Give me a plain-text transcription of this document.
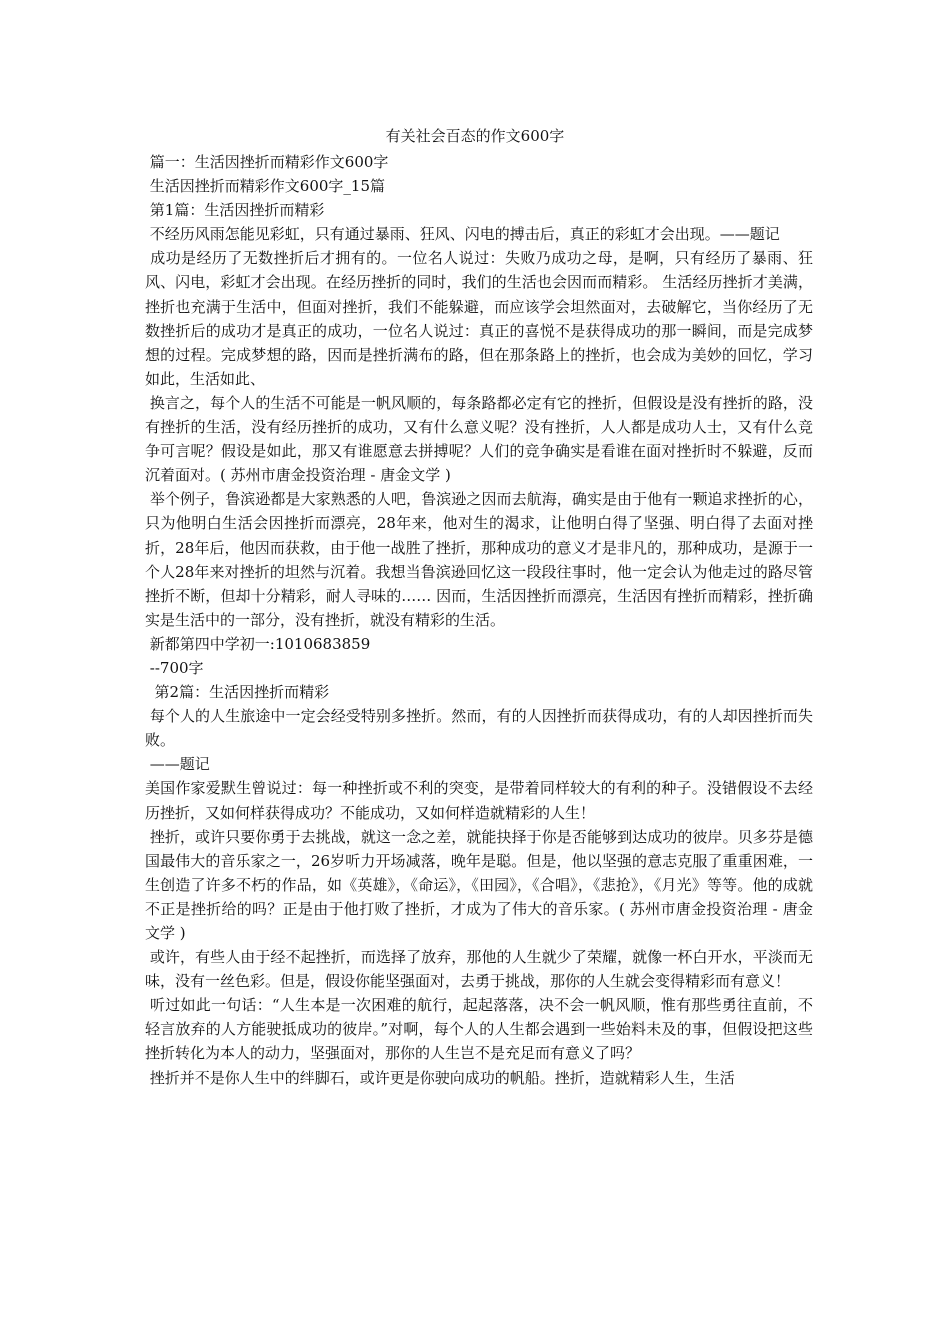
有关社会百态的作文600字

篇一：生活因挫折而精彩作文600字

生活因挫折而精彩作文600字_15篇

第1篇：生活因挫折而精彩

不经历风雨怎能见彩虹，只有通过暴雨、狂风、闪电的搏击后，真正的彩虹才会出现。——题记

成功是经历了无数挫折后才拥有的。一位名人说过：失败乃成功之母，是啊，只有经历了暴雨、狂风、闪电，彩虹才会出现。在经历挫折的同时，我们的生活也会因而而精彩。 生活经历挫折才美满，挫折也充满于生活中，但面对挫折，我们不能躲避，而应该学会坦然面对，去破解它，当你经历了无数挫折后的成功才是真正的成功，一位名人说过：真正的喜悦不是获得成功的那一瞬间，而是完成梦想的过程。完成梦想的路，因而是挫折满布的路，但在那条路上的挫折，也会成为美妙的回忆，学习如此，生活如此、

换言之，每个人的生活不可能是一帆风顺的，每条路都必定有它的挫折，但假设是没有挫折的路，没有挫折的生活，没有经历挫折的成功，又有什么意义呢？没有挫折，人人都是成功人士，又有什么竞争可言呢？假设是如此，那又有谁愿意去拼搏呢？人们的竞争确实是看谁在面对挫折时不躲避，反而沉着面对。( 苏州市唐金投资治理 - 唐金文学 )

举个例子，鲁滨逊都是大家熟悉的人吧，鲁滨逊之因而去航海，确实是由于他有一颗追求挫折的心，只为他明白生活会因挫折而漂亮，28年来，他对生的渴求，让他明白得了坚强、明白得了去面对挫折，28年后，他因而获救，由于他一战胜了挫折，那种成功的意义才是非凡的，那种成功，是源于一个人28年来对挫折的坦然与沉着。我想当鲁滨逊回忆这一段段往事时，他一定会认为他走过的路尽管挫折不断，但却十分精彩，耐人寻味的…… 因而，生活因挫折而漂亮，生活因有挫折而精彩，挫折确实是生活中的一部分，没有挫折，就没有精彩的生活。

新都第四中学初一:1010683859

--700字

第2篇：生活因挫折而精彩

每个人的人生旅途中一定会经受特别多挫折。然而，有的人因挫折而获得成功，有的人却因挫折而失败。

——题记

美国作家爱默生曾说过：每一种挫折或不利的突变，是带着同样较大的有利的种子。没错假设不去经历挫折，又如何样获得成功？不能成功，又如何样造就精彩的人生！

挫折，或许只要你勇于去挑战，就这一念之差，就能抉择于你是否能够到达成功的彼岸。贝多芬是德国最伟大的音乐家之一，26岁听力开场减落，晚年是聪。但是，他以坚强的意志克服了重重困难，一生创造了许多不朽的作品，如《英雄》，《命运》，《田园》，《合唱》，《悲抢》，《月光》等等。他的成就不正是挫折给的吗？正是由于他打败了挫折，才成为了伟大的音乐家。( 苏州市唐金投资治理 - 唐金文学 )

或许，有些人由于经不起挫折，而选择了放弃，那他的人生就少了荣耀，就像一杯白开水，平淡而无味，没有一丝色彩。但是，假设你能坚强面对，去勇于挑战，那你的人生就会变得精彩而有意义！

听过如此一句话：“人生本是一次困难的航行，起起落落，决不会一帆风顺，惟有那些勇往直前，不轻言放弃的人方能驶抵成功的彼岸。”对啊，每个人的人生都会遇到一些始料未及的事，但假设把这些挫折转化为本人的动力，坚强面对，那你的人生岂不是充足而有意义了吗？

挫折并不是你人生中的绊脚石，或许更是你驶向成功的帆船。挫折，造就精彩人生，生活
